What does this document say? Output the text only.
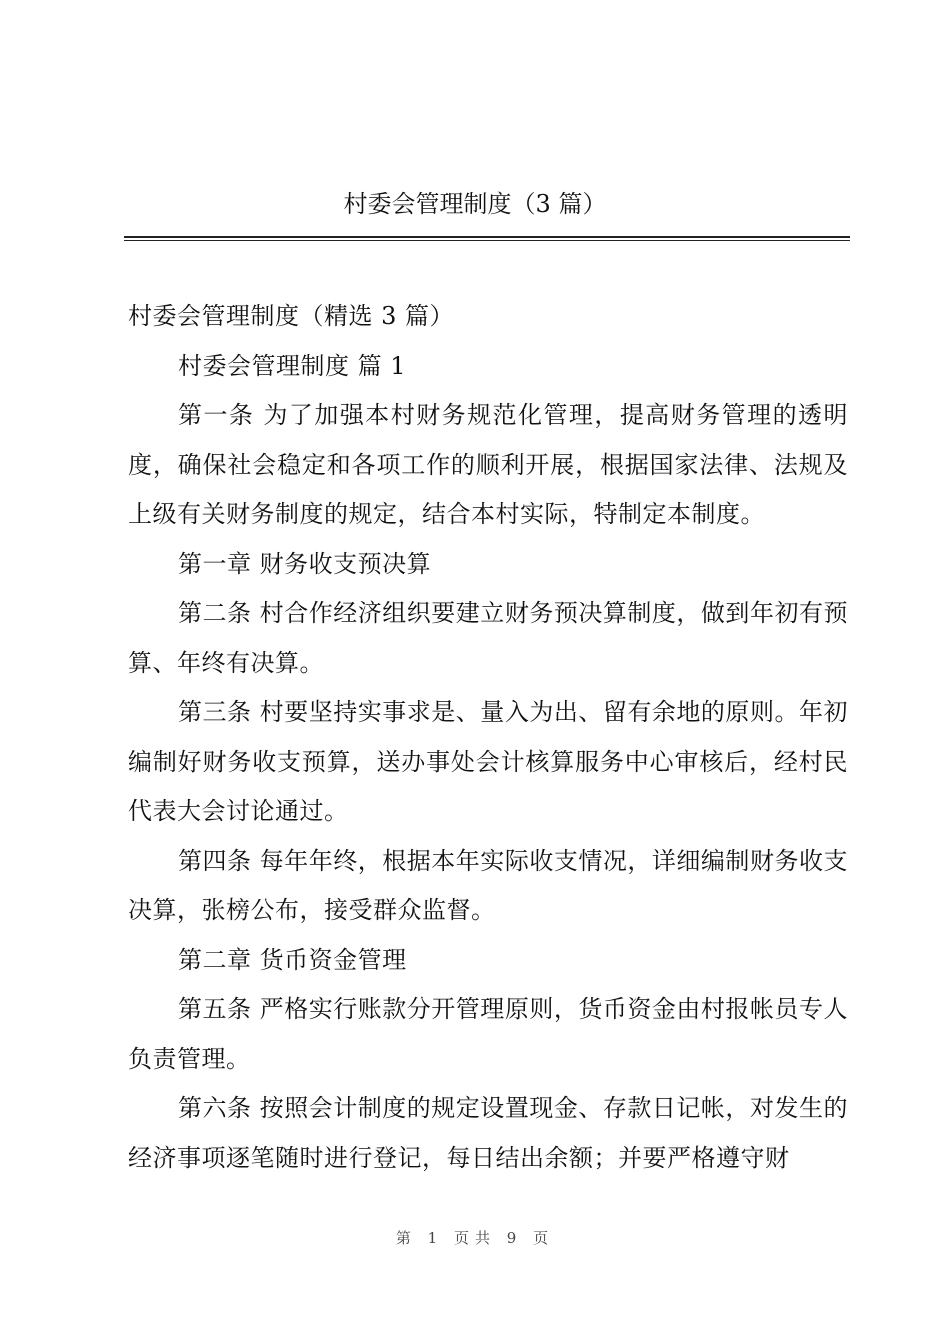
村委会管理制度（3 篇）

村委会管理制度（精选 3 篇）

村委会管理制度 篇 1

第一条 为了加强本村财务规范化管理，提高财务管理的透明度，确保社会稳定和各项工作的顺利开展，根据国家法律、法规及上级有关财务制度的规定，结合本村实际，特制定本制度。

第一章 财务收支预决算

第二条 村合作经济组织要建立财务预决算制度，做到年初有预算、年终有决算。

第三条 村要坚持实事求是、量入为出、留有余地的原则。年初编制好财务收支预算，送办事处会计核算服务中心审核后，经村民代表大会讨论通过。

第四条 每年年终，根据本年实际收支情况，详细编制财务收支决算，张榜公布，接受群众监督。

第二章 货币资金管理

第五条 严格实行账款分开管理原则，货币资金由村报帐员专人负责管理。

第六条 按照会计制度的规定设置现金、存款日记帐，对发生的经济事项逐笔随时进行登记，每日结出余额；并要严格遵守财

第 1 页共 9 页
